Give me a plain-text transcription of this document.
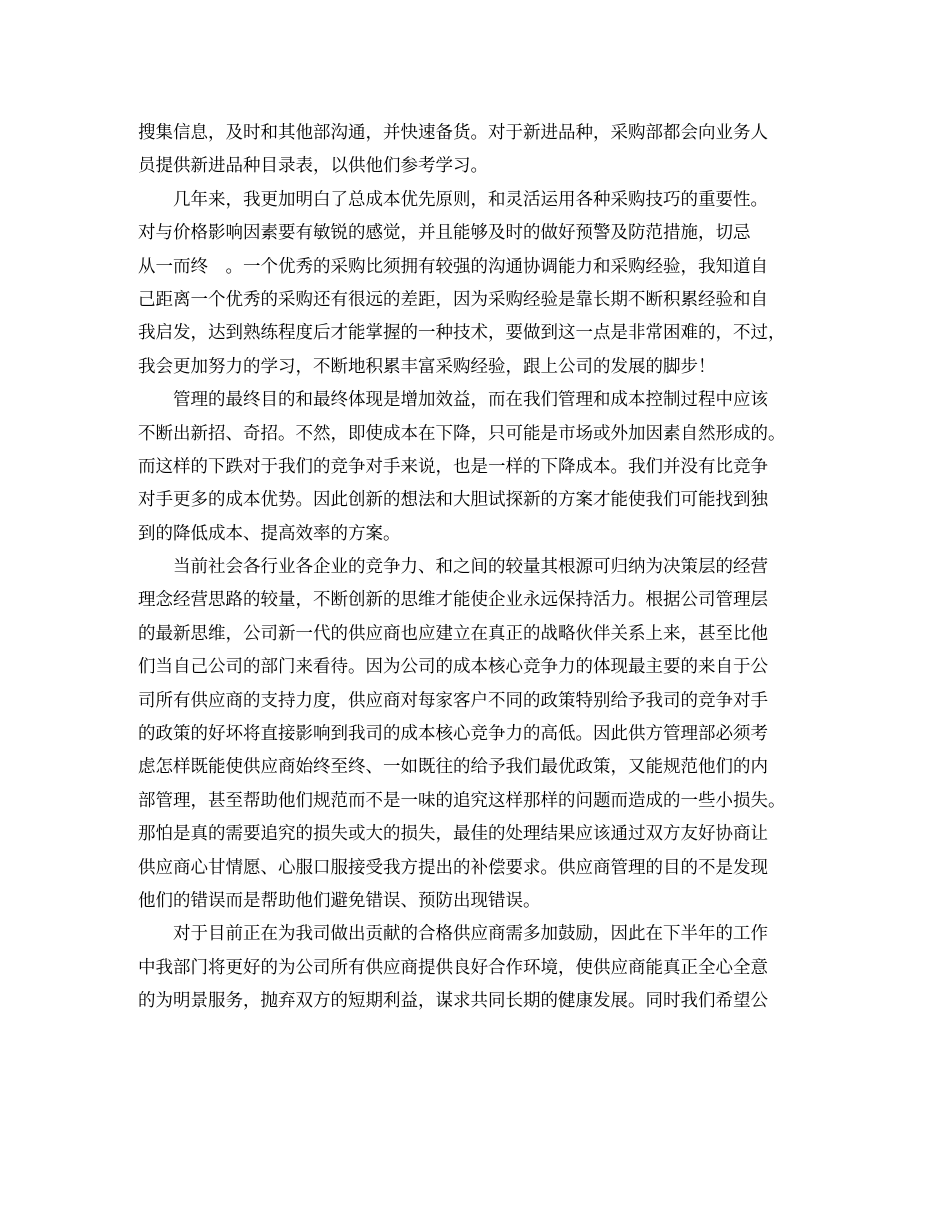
搜集信息，及时和其他部沟通，并快速备货。对于新进品种，采购部都会向业务人
员提供新进品种目录表，以供他们参考学习。
　　几年来，我更加明白了总成本优先原则，和灵活运用各种采购技巧的重要性。
对与价格影响因素要有敏锐的感觉，并且能够及时的做好预警及防范措施，切忌
从一而终　。一个优秀的采购比须拥有较强的沟通协调能力和采购经验，我知道自
己距离一个优秀的采购还有很远的差距，因为采购经验是靠长期不断积累经验和自
我启发，达到熟练程度后才能掌握的一种技术，要做到这一点是非常困难的，不过，
我会更加努力的学习，不断地积累丰富采购经验，跟上公司的发展的脚步！
　　管理的最终目的和最终体现是增加效益，而在我们管理和成本控制过程中应该
不断出新招、奇招。不然，即使成本在下降，只可能是市场或外加因素自然形成的。
而这样的下跌对于我们的竞争对手来说，也是一样的下降成本。我们并没有比竞争
对手更多的成本优势。因此创新的想法和大胆试探新的方案才能使我们可能找到独
到的降低成本、提高效率的方案。
　　当前社会各行业各企业的竞争力、和之间的较量其根源可归纳为决策层的经营
理念经营思路的较量，不断创新的思维才能使企业永远保持活力。根据公司管理层
的最新思维，公司新一代的供应商也应建立在真正的战略伙伴关系上来，甚至比他
们当自己公司的部门来看待。因为公司的成本核心竞争力的体现最主要的来自于公
司所有供应商的支持力度，供应商对每家客户不同的政策特别给予我司的竞争对手
的政策的好坏将直接影响到我司的成本核心竞争力的高低。因此供方管理部必须考
虑怎样既能使供应商始终至终、一如既往的给予我们最优政策，又能规范他们的内
部管理，甚至帮助他们规范而不是一味的追究这样那样的问题而造成的一些小损失。
那怕是真的需要追究的损失或大的损失，最佳的处理结果应该通过双方友好协商让
供应商心甘情愿、心服口服接受我方提出的补偿要求。供应商管理的目的不是发现
他们的错误而是帮助他们避免错误、预防出现错误。
　　对于目前正在为我司做出贡献的合格供应商需多加鼓励，因此在下半年的工作
中我部门将更好的为公司所有供应商提供良好合作环境，使供应商能真正全心全意
的为明景服务，抛弃双方的短期利益，谋求共同长期的健康发展。同时我们希望公
